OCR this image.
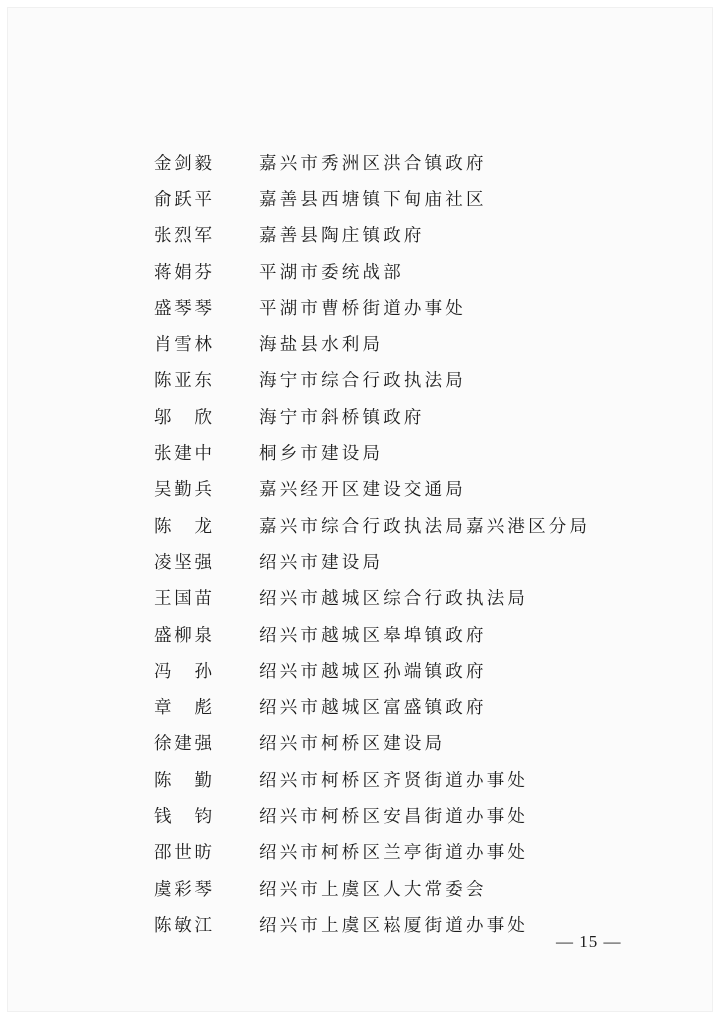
金剑毅	嘉兴市秀洲区洪合镇政府
俞跃平	嘉善县西塘镇下甸庙社区
张烈军	嘉善县陶庄镇政府
蒋娟芬	平湖市委统战部
盛琴琴	平湖市曹桥街道办事处
肖雪林	海盐县水利局
陈亚东	海宁市综合行政执法局
邬欣	海宁市斜桥镇政府
张建中	桐乡市建设局
吴勤兵	嘉兴经开区建设交通局
陈龙	嘉兴市综合行政执法局嘉兴港区分局
凌坚强	绍兴市建设局
王国苗	绍兴市越城区综合行政执法局
盛柳泉	绍兴市越城区皋埠镇政府
冯孙	绍兴市越城区孙端镇政府
章彪	绍兴市越城区富盛镇政府
徐建强	绍兴市柯桥区建设局
陈勤	绍兴市柯桥区齐贤街道办事处
钱钧	绍兴市柯桥区安昌街道办事处
邵世昉	绍兴市柯桥区兰亭街道办事处
虞彩琴	绍兴市上虞区人大常委会
陈敏江	绍兴市上虞区崧厦街道办事处
— 15 —
